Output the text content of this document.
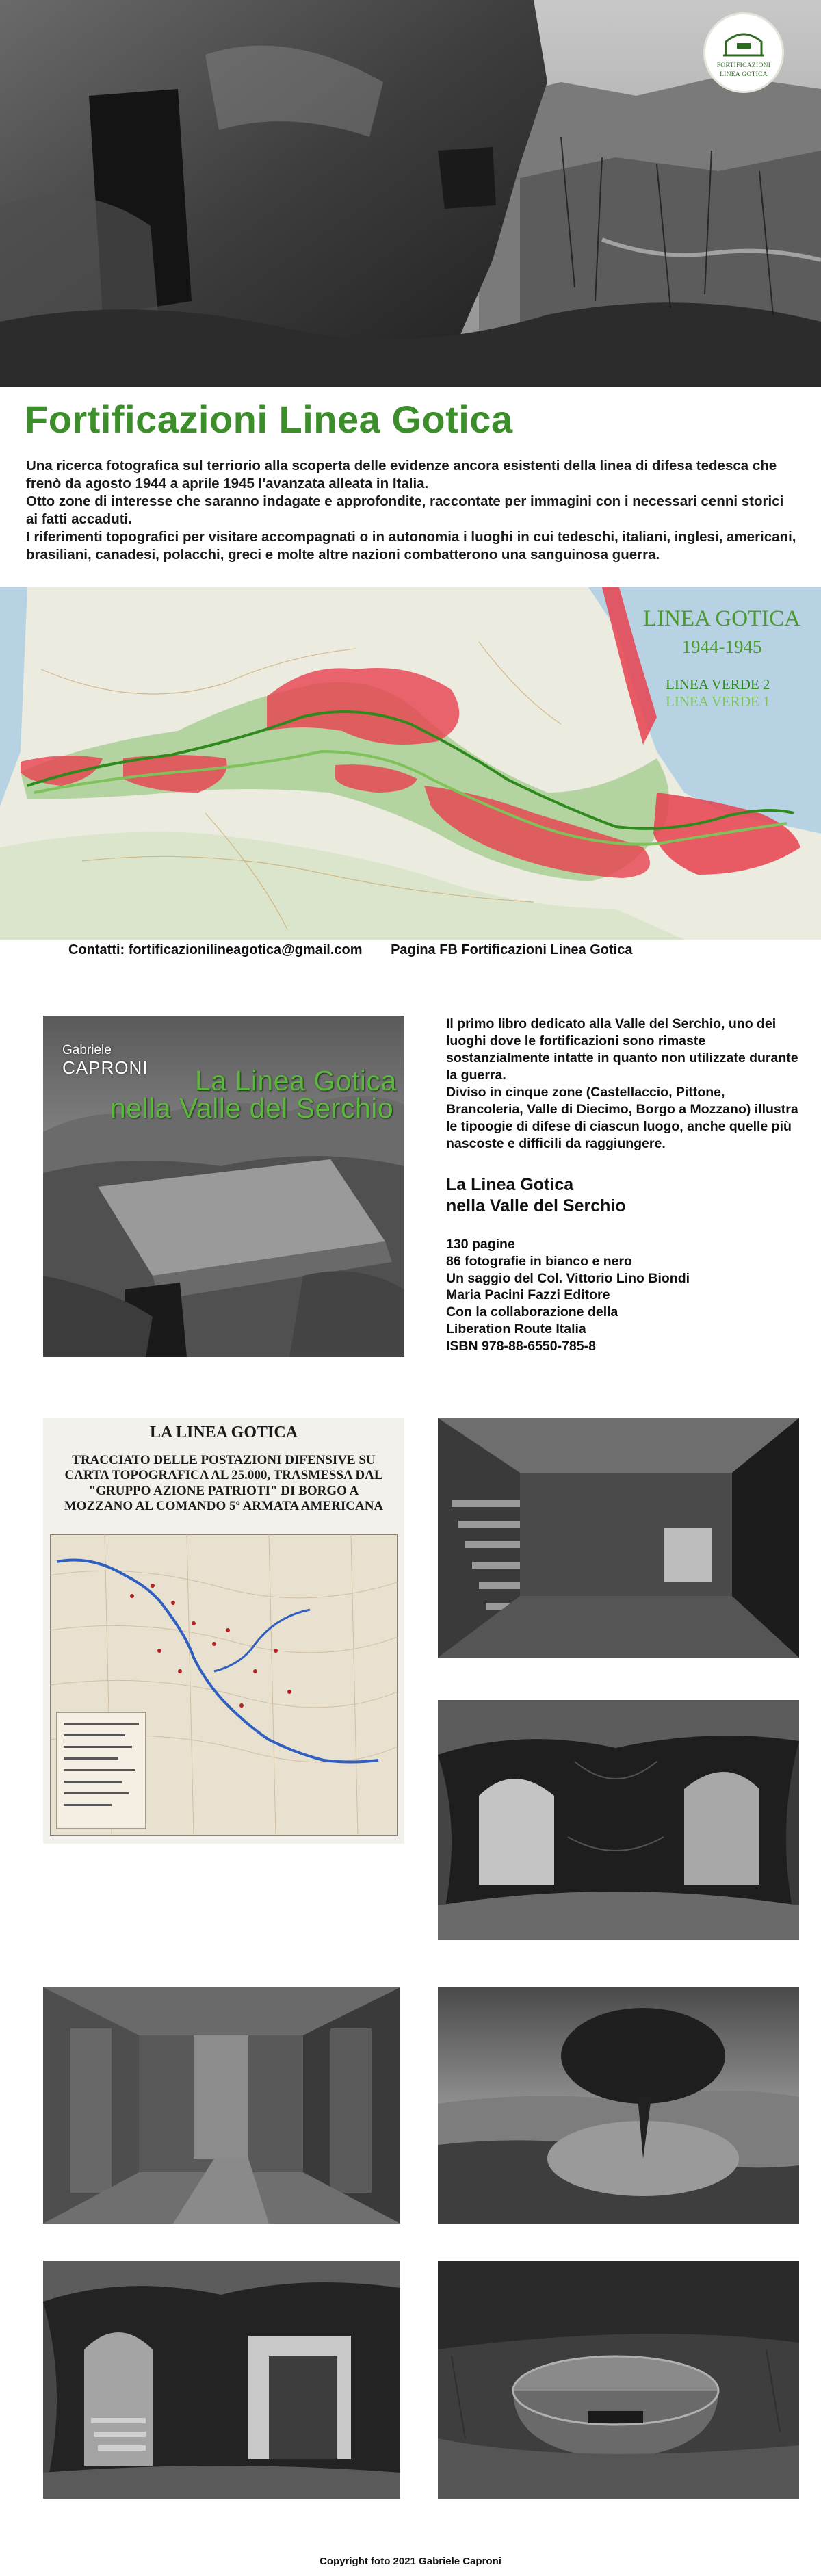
FORTIFICAZIONI
LINEA GOTICA
Fortificazioni Linea Gotica

Una ricerca fotografica sul terriorio alla scoperta delle evidenze ancora esistenti della linea di difesa tedesca che frenò da agosto 1944 a aprile 1945 l'avanzata alleata in Italia.

Otto zone di interesse che saranno indagate e approfondite, raccontate per immagini con i necessari cenni storici ai fatti accaduti.

I riferimenti topografici per visitare accompagnati o in autonomia i luoghi in cui tedeschi, italiani, inglesi, americani, brasiliani, canadesi, polacchi, greci e molte altre nazioni combatterono una sanguinosa guerra.

LINEA GOTICA
1944-1945
LINEA VERDE 2
LINEA VERDE 1
Contatti: fortificazionilineagotica@gmail.com Pagina FB Fortificazioni Linea Gotica
Gabriele
CAPRONI La Linea Gotica
nella Valle del Serchio

Il primo libro dedicato alla Valle del Serchio, uno dei luoghi dove le fortificazioni sono rimaste sostanzialmente intatte in quanto non utilizzate durante la guerra.

Diviso in cinque zone (Castellaccio, Pittone, Brancoleria, Valle di Diecimo, Borgo a Mozzano) illustra le tipoogie di difese di ciascun luogo, anche quelle più nascoste e difficili da raggiungere.

La Linea Gotica
nella Valle del Serchio

130 pagine
86 fotografie in bianco e nero
Un saggio del Col. Vittorio Lino Biondi
Maria Pacini Fazzi Editore
Con la collaborazione della
Liberation Route Italia
ISBN 978-88-6550-785-8
LA LINEA GOTICA
TRACCIATO DELLE POSTAZIONI DIFENSIVE SU
CARTA TOPOGRAFICA AL 25.000, TRASMESSA DAL
"GRUPPO AZIONE PATRIOTI" DI BORGO A
MOZZANO AL COMANDO 5º ARMATA AMERICANA
Copyright foto 2021 Gabriele Caproni
